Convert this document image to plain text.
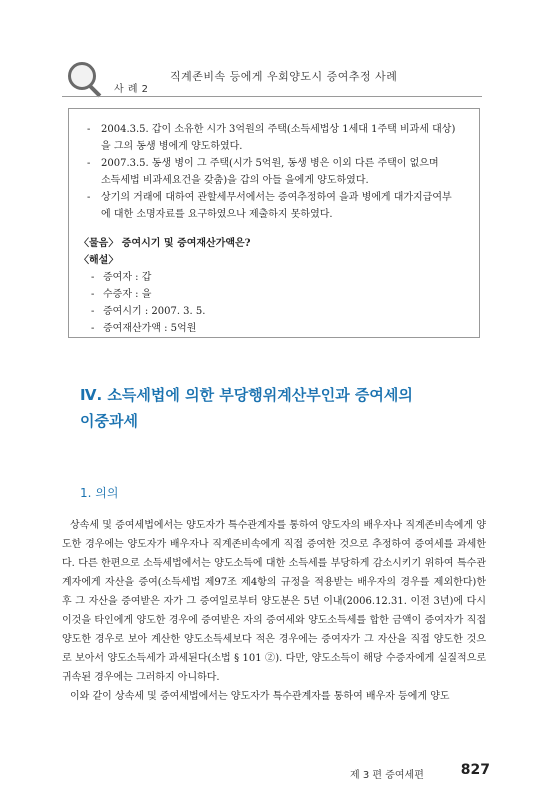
직계존비속 등에게 우회양도시 증여추정 사례
사 례 2
- 2004.3.5. 갑이 소유한 시가 3억원의 주택(소득세법상 1세대 1주택 비과세 대상)
을 그의 동생 병에게 양도하였다.
- 2007.3.5. 동생 병이 그 주택(시가 5억원, 동생 병은 이외 다른 주택이 없으며
소득세법 비과세요건을 갖춤)을 갑의 아들 을에게 양도하였다.
- 상기의 거래에 대하여 관할세무서에서는 증여추정하여 을과 병에게 대가지급여부
에 대한 소명자료를 요구하였으나 제출하지 못하였다.
〈물음〉 증여시기 및 증여재산가액은?
〈해설〉
- 증여자 : 갑
- 수증자 : 을
- 증여시기 : 2007. 3. 5.
- 증여재산가액 : 5억원
Ⅳ. 소득세법에 의한 부당행위계산부인과 증여세의
이중과세
1. 의의

상속세 및 증여세법에서는 양도자가 특수관계자를 통하여 양도자의 배우자나 직계존비속에게 양도한 경우에는 양도자가 배우자나 직계존비속에게 직접 증여한 것으로 추정하여 증여세를 과세한다. 다른 한편으로 소득세법에서는 양도소득에 대한 소득세를 부당하게 감소시키기 위하여 특수관계자에게 자산을 증여(소득세법 제97조 제4항의 규정을 적용받는 배우자의 경우를 제외한다)한 후 그 자산을 증여받은 자가 그 증여일로부터 양도분은 5년 이내(2006.12.31. 이전 3년)에 다시 이것을 타인에게 양도한 경우에 증여받은 자의 증여세와 양도소득세를 합한 금액이 증여자가 직접 양도한 경우로 보아 계산한 양도소득세보다 적은 경우에는 증여자가 그 자산을 직접 양도한 것으로 보아서 양도소득세가 과세된다(소법 § 101 ②). 다만, 양도소득이 해당 수증자에게 실질적으로 귀속된 경우에는 그러하지 아니하다.

이와 같이 상속세 및 증여세법에서는 양도자가 특수관계자를 통하여 배우자 등에게 양도

제 3 편 증여세편	827
